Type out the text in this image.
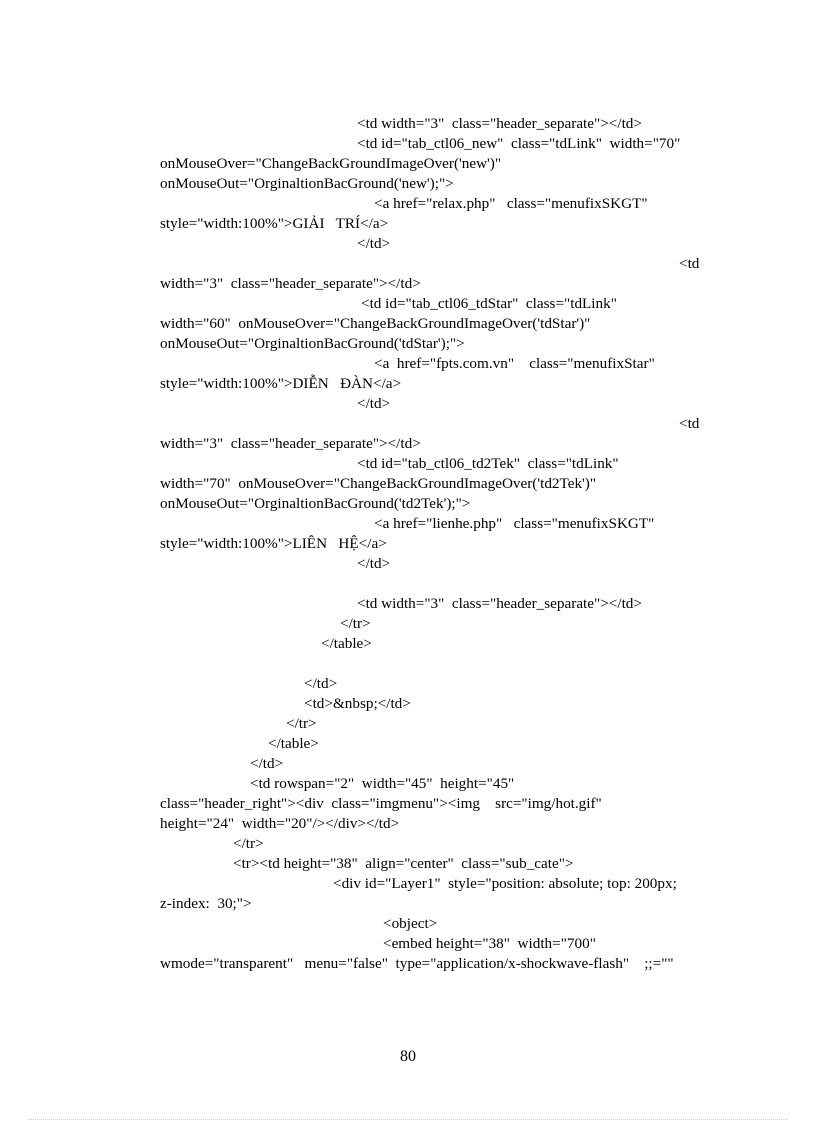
<td width="3"  class="header_separate"></td>
<td id="tab_ctl06_new"  class="tdLink"  width="70"
onMouseOver="ChangeBackGroundImageOver('new')"
onMouseOut="OrginaltionBacGround('new');">
<a href="relax.php"   class="menufixSKGT"
style="width:100%">GIẢI   TRÍ</a>
</td>
<td
width="3"  class="header_separate"></td>
<td id="tab_ctl06_tdStar"  class="tdLink"
width="60"  onMouseOver="ChangeBackGroundImageOver('tdStar')"
onMouseOut="OrginaltionBacGround('tdStar');">
<a  href="fpts.com.vn"    class="menufixStar"
style="width:100%">DIỄN   ĐÀN</a>
</td>
<td
width="3"  class="header_separate"></td>
<td id="tab_ctl06_td2Tek"  class="tdLink"
width="70"  onMouseOver="ChangeBackGroundImageOver('td2Tek')"
onMouseOut="OrginaltionBacGround('td2Tek');">
<a href="lienhe.php"   class="menufixSKGT"
style="width:100%">LIÊN   HỆ</a>
</td>
<td width="3"  class="header_separate"></td>
</tr>
</table>
</td>
<td>&nbsp;</td>
</tr>
</table>
</td>
<td rowspan="2"  width="45"  height="45"
class="header_right"><div  class="imgmenu"><img    src="img/hot.gif"
height="24"  width="20"/></div></td>
</tr>
<tr><td height="38"  align="center"  class="sub_cate">
<div id="Layer1"  style="position: absolute; top: 200px;
z-index:  30;">
<object>
<embed height="38"  width="700"
wmode="transparent"   menu="false"  type="application/x-shockwave-flash"    ;;=""
80
